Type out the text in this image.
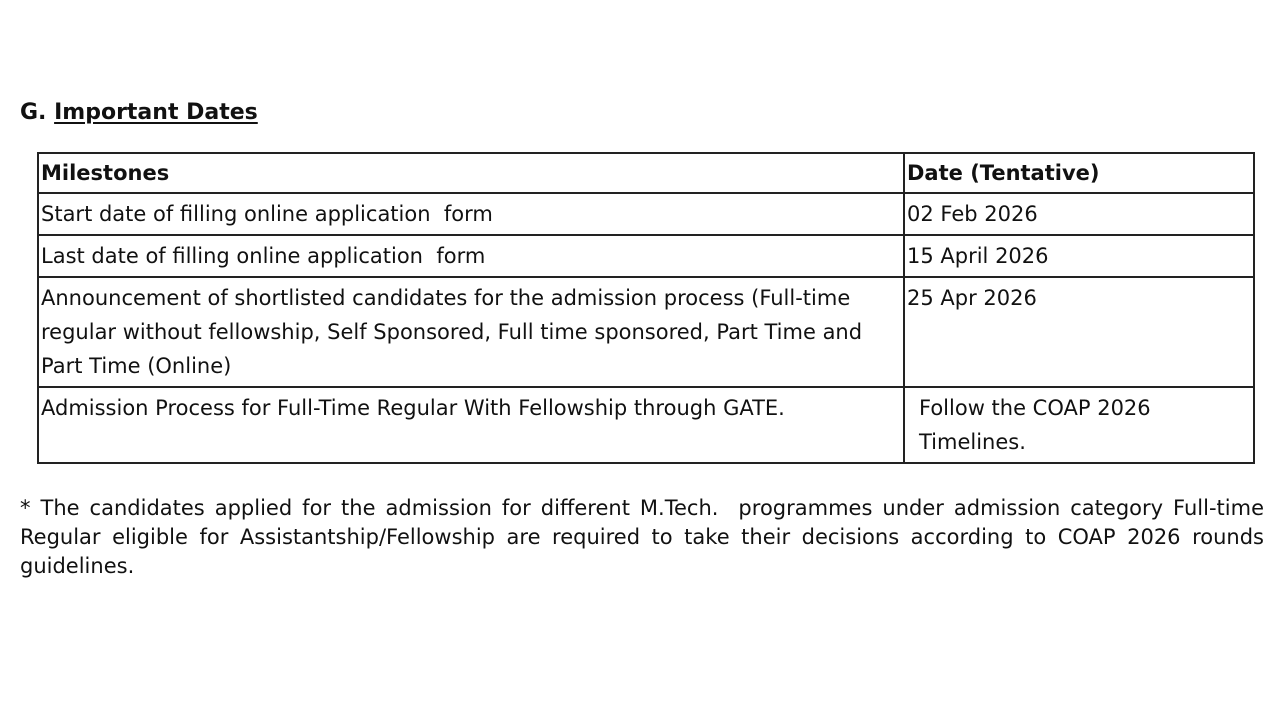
G. Important Dates
Milestones	Date (Tentative)
Start date of filling online application  form	02 Feb 2026
Last date of filling online application  form	15 April 2026
Announcement of shortlisted candidates for the admission process (Full-time regular without fellowship, Self Sponsored, Full time sponsored, Part Time and Part Time (Online)	25 Apr 2026
Admission Process for Full-Time Regular With Fellowship through GATE.	Follow the COAP 2026 Timelines.
* The candidates applied for the admission for different M.Tech.  programmes under admission category Full-time Regular eligible for Assistantship/Fellowship are required to take their decisions according to COAP 2026 rounds guidelines.
